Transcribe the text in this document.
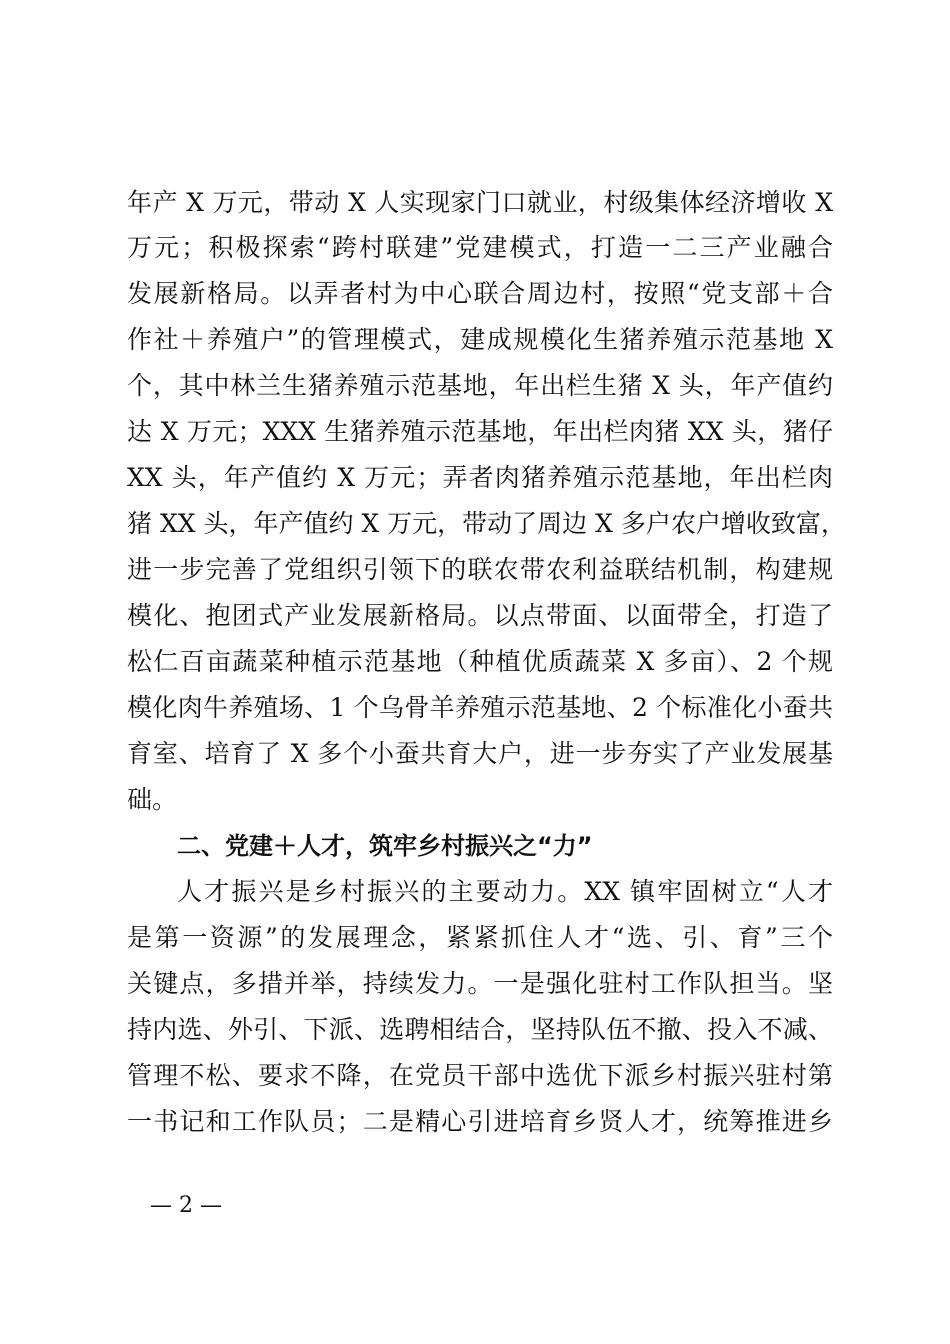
年产 X 万元，带动 X 人实现家门口就业，村级集体经济增收 X
万元；积极探索“跨村联建”党建模式，打造一二三产业融合
发展新格局。以弄者村为中心联合周边村，按照“党支部＋合
作社＋养殖户”的管理模式，建成规模化生猪养殖示范基地 X
个，其中林兰生猪养殖示范基地，年出栏生猪 X 头，年产值约
达 X 万元；XXX 生猪养殖示范基地，年出栏肉猪 XX 头，猪仔
XX 头，年产值约 X 万元；弄者肉猪养殖示范基地，年出栏肉
猪 XX 头，年产值约 X 万元，带动了周边 X 多户农户增收致富，
进一步完善了党组织引领下的联农带农利益联结机制，构建规
模化、抱团式产业发展新格局。以点带面、以面带全，打造了
松仁百亩蔬菜种植示范基地（种植优质蔬菜 X 多亩）、2 个规
模化肉牛养殖场、1 个乌骨羊养殖示范基地、2 个标准化小蚕共
育室、培育了 X 多个小蚕共育大户，进一步夯实了产业发展基
础。
二、党建＋人才，筑牢乡村振兴之“力”
人才振兴是乡村振兴的主要动力。XX 镇牢固树立“人才
是第一资源”的发展理念，紧紧抓住人才“选、引、育”三个
关键点，多措并举，持续发力。一是强化驻村工作队担当。坚
持内选、外引、下派、选聘相结合，坚持队伍不撤、投入不减、
管理不松、要求不降，在党员干部中选优下派乡村振兴驻村第
一书记和工作队员；二是精心引进培育乡贤人才，统筹推进乡
— 2 —
